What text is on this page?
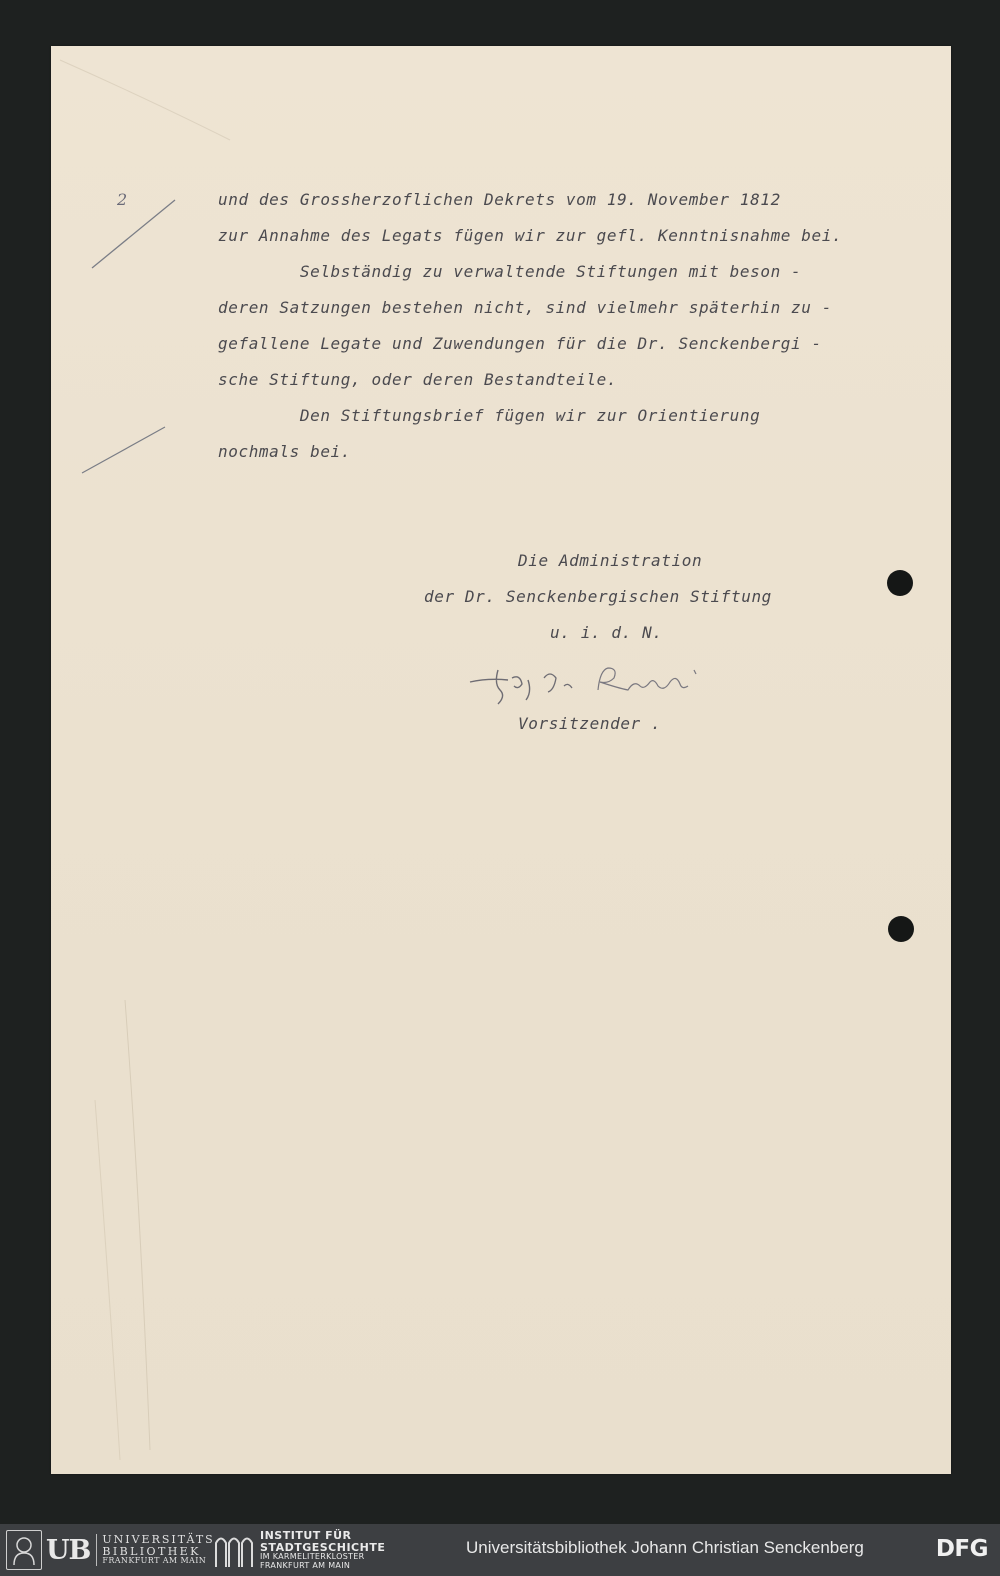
2	und des Grossherzoflichen Dekrets vom 19. November 1812

zur Annahme des Legats fügen wir zur gefl. Kenntnisnahme bei.

Selbständig zu verwaltende Stiftungen mit beson -

deren Satzungen bestehen nicht, sind vielmehr späterhin zu -

gefallene Legate und Zuwendungen für die Dr. Senckenbergi -

sche Stiftung, oder deren Bestandteile.

Den Stiftungsbrief fügen wir zur Orientierung

nochmals bei.

Die Administration

der Dr. Senckenbergischen Stiftung

u. i. d. N.

Vorsitzender .

UB UNIVERSITÄTS
BIBLIOTHEK
FRANKFURT AM MAIN
INSTITUT FÜR
STADTGESCHICHTE
IM KARMELITERKLOSTER
FRANKFURT AM MAIN
Universitätsbibliothek Johann Christian Senckenberg	DFG
